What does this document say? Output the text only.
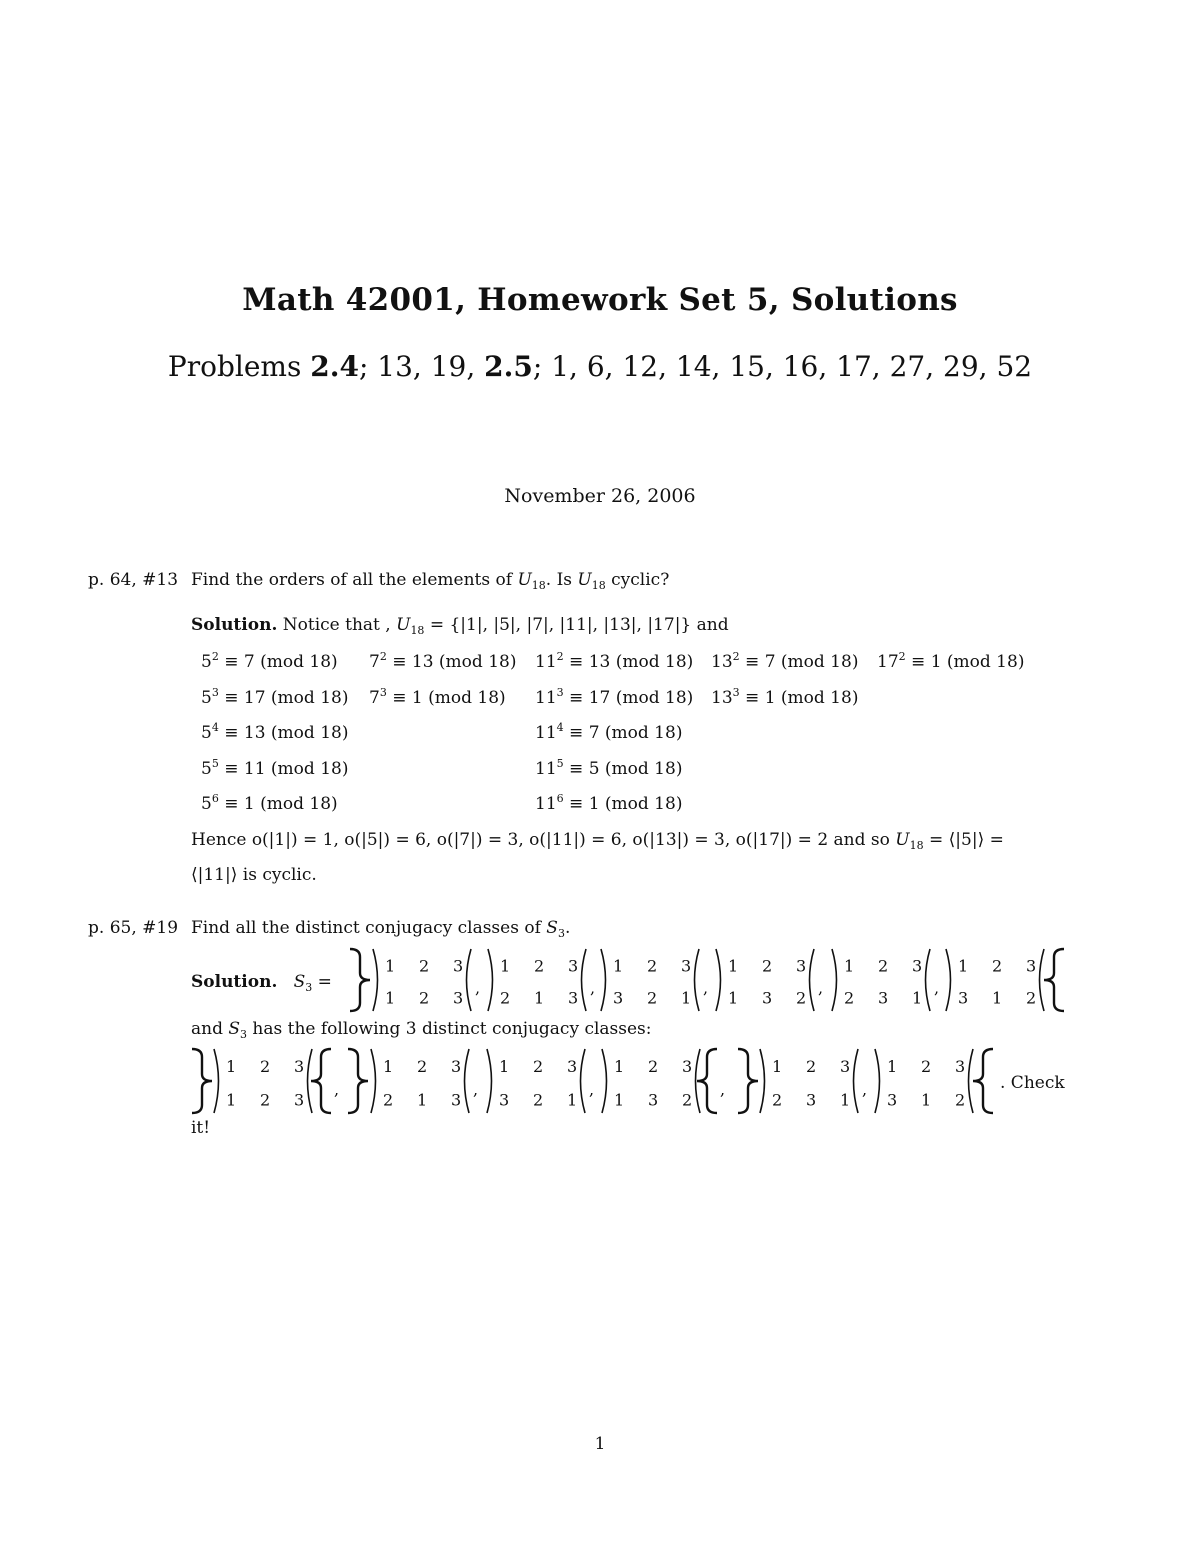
Math 42001, Homework Set 5, Solutions
Problems 2.4; 13, 19, 2.5; 1, 6, 12, 14, 15, 16, 17, 27, 29, 52
November 26, 2006
p. 64, #13 Find the orders of all the elements of $U_{18}$. Is $U_{18}$ cyclic?
Solution. Notice that , $U_{18} = \{|1|$, |5|, |7|, |11|, |13|, |17|} and
$5^2 \equiv 7$ (mod 18) $7^2 \equiv 13$ (mod 18) $11^2 \equiv 13$ (mod 18) $13^2 \equiv 7$ (mod 18) $17^2 \equiv 1$ (mod 18)
$5^3 \equiv 17$ (mod 18) $7^3 \equiv 1$ (mod 18) $11^3 \equiv 17$ (mod 18) $13^3 \equiv 1$ (mod 18)
$5^4 \equiv 13$ (mod 18)	$11^4 \equiv 7$ (mod 18)
$5^5 \equiv 11$ (mod 18)	$11^5 \equiv 5$ (mod 18)
$5^6 \equiv 1$ (mod 18)	$11^6 \equiv 1$ (mod 18)
Hence o(|1|) = 1, o(|5|) = 6, o(|7|) = 3, o(|11|) = 6, o(|13|) = 3, o(|17|) = 2 and so $U_{18}$ = ⟨|5|⟩ =
⟨|11|⟩ is cyclic.
p. 65, #19 Find all the distinct conjugacy classes of $S_3$.
Solution. $S_3$ =
1 2 3
1 2 3
,
1 2 3
2 1 3
,
1 2 3
3 2 1
,
1 2 3
1 3 2
,
1 2 3
2 3 1
,
1 2 3
3 1 2
and $S_3$ has the following 3 distinct conjugacy classes:
1 2 3
1 2 3
,
1 2 3
2 1 3
,
1 2 3
3 2 1
,
1 2 3
1 3 2
,
1 2 3
2 3 1
,
1 2 3
3 1 2
. Check
it!
1
